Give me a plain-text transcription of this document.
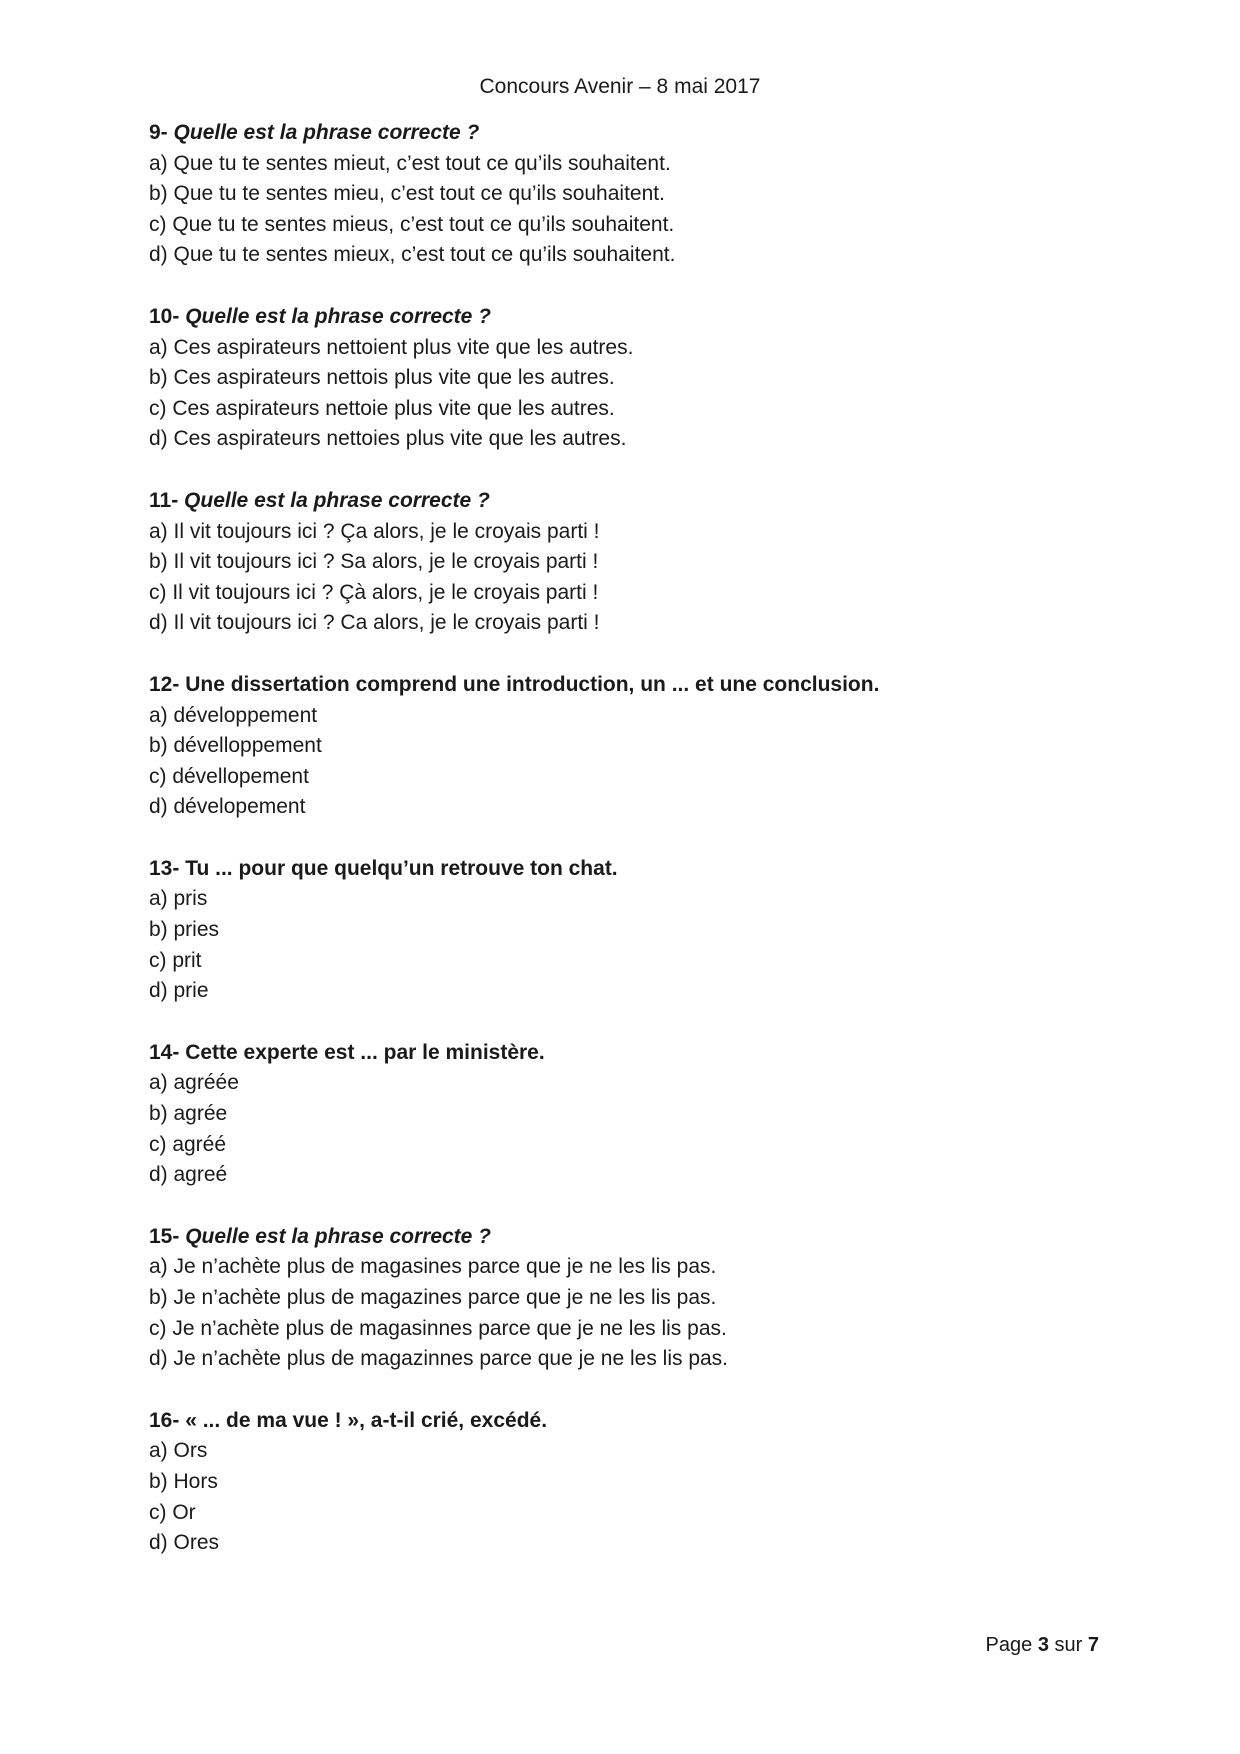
Concours Avenir – 8 mai 2017
9- Quelle est la phrase correcte ?
a) Que tu te sentes mieut, c’est tout ce qu’ils souhaitent.
b) Que tu te sentes mieu, c’est tout ce qu’ils souhaitent.
c) Que tu te sentes mieus, c’est tout ce qu’ils souhaitent.
d) Que tu te sentes mieux, c’est tout ce qu’ils souhaitent.
10- Quelle est la phrase correcte ?
a) Ces aspirateurs nettoient plus vite que les autres.
b) Ces aspirateurs nettois plus vite que les autres.
c) Ces aspirateurs nettoie plus vite que les autres.
d) Ces aspirateurs nettoies plus vite que les autres.
11- Quelle est la phrase correcte ?
a) Il vit toujours ici ? Ça alors, je le croyais parti !
b) Il vit toujours ici ? Sa alors, je le croyais parti !
c) Il vit toujours ici ? Çà alors, je le croyais parti !
d) Il vit toujours ici ? Ca alors, je le croyais parti !
12- Une dissertation comprend une introduction, un ... et une conclusion.
a) développement
b) dévelloppement
c) dévellopement
d) dévelopement
13- Tu ... pour que quelqu’un retrouve ton chat.
a) pris
b) pries
c) prit
d) prie
14- Cette experte est ... par le ministère.
a) agréée
b) agrée
c) agréé
d) agreé
15- Quelle est la phrase correcte ?
a) Je n’achète plus de magasines parce que je ne les lis pas.
b) Je n’achète plus de magazines parce que je ne les lis pas.
c) Je n’achète plus de magasinnes parce que je ne les lis pas.
d) Je n’achète plus de magazinnes parce que je ne les lis pas.
16- « ... de ma vue ! », a-t-il crié, excédé.
a) Ors
b) Hors
c) Or
d) Ores
Page 3 sur 7
